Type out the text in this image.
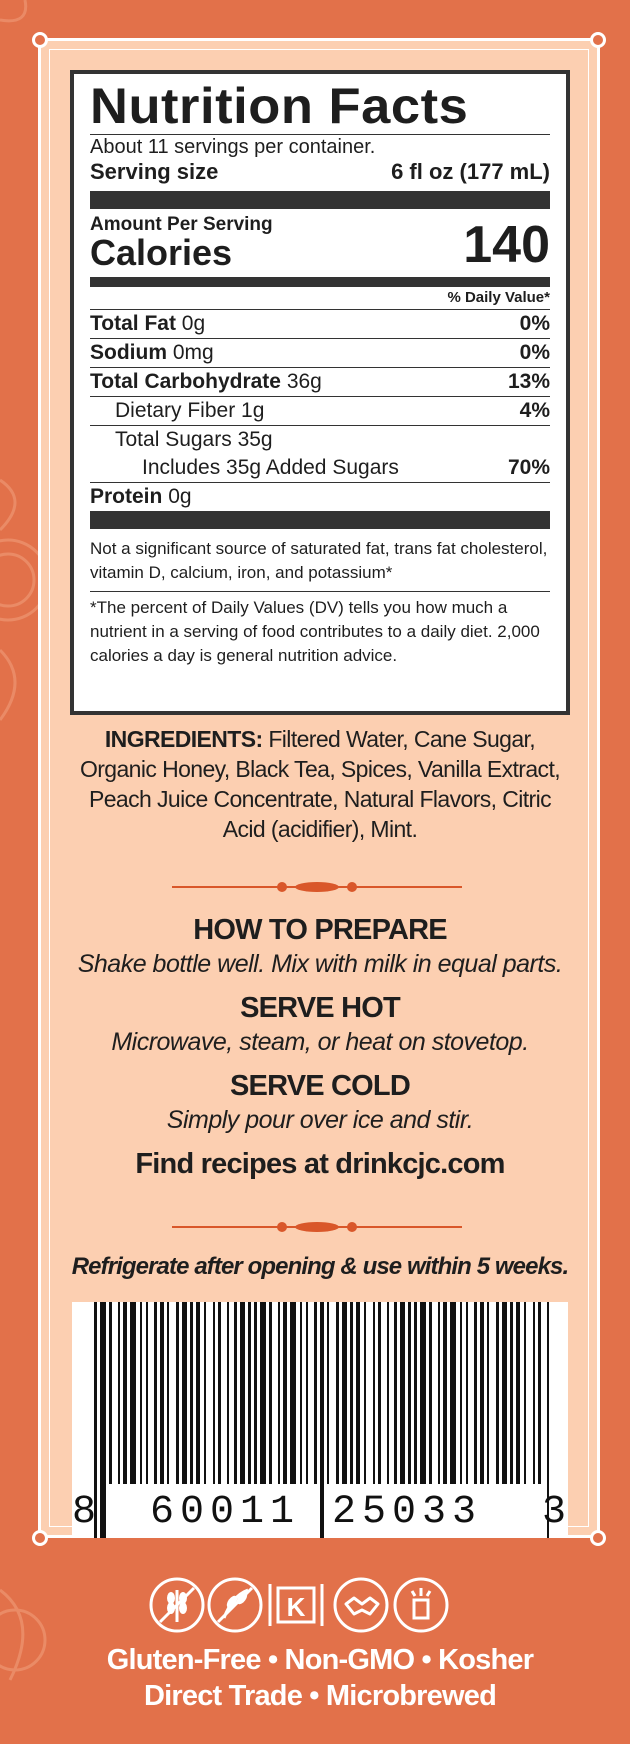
Nutrition Facts
About 11 servings per container.
Serving size	6 fl oz (177 mL)
Amount Per Serving
Calories	140
% Daily Value*
Total Fat 0g	0%
Sodium 0mg	0%
Total Carbohydrate 36g	13%
Dietary Fiber 1g	4%
Total Sugars 35g
Includes 35g Added Sugars	70%
Protein 0g
Not a significant source of saturated fat, trans fat cholesterol, vitamin D, calcium, iron, and potassium*
*The percent of Daily Values (DV) tells you how much a nutrient in a serving of food contributes to a daily diet. 2,000 calories a day is general nutrition advice.
INGREDIENTS: Filtered Water, Cane Sugar, Organic Honey, Black Tea, Spices, Vanilla Extract, Peach Juice Concentrate, Natural Flavors, Citric Acid (acidifier), Mint.
HOW TO PREPARE
Shake bottle well. Mix with milk in equal parts.
SERVE HOT
Microwave, steam, or heat on stovetop.
SERVE COLD
Simply pour over ice and stir.
Find recipes at drinkcjc.com
Refrigerate after opening & use within 5 weeks.
8 60011 25033 3
K
Gluten-Free • Non-GMO • Kosher
Direct Trade • Microbrewed
